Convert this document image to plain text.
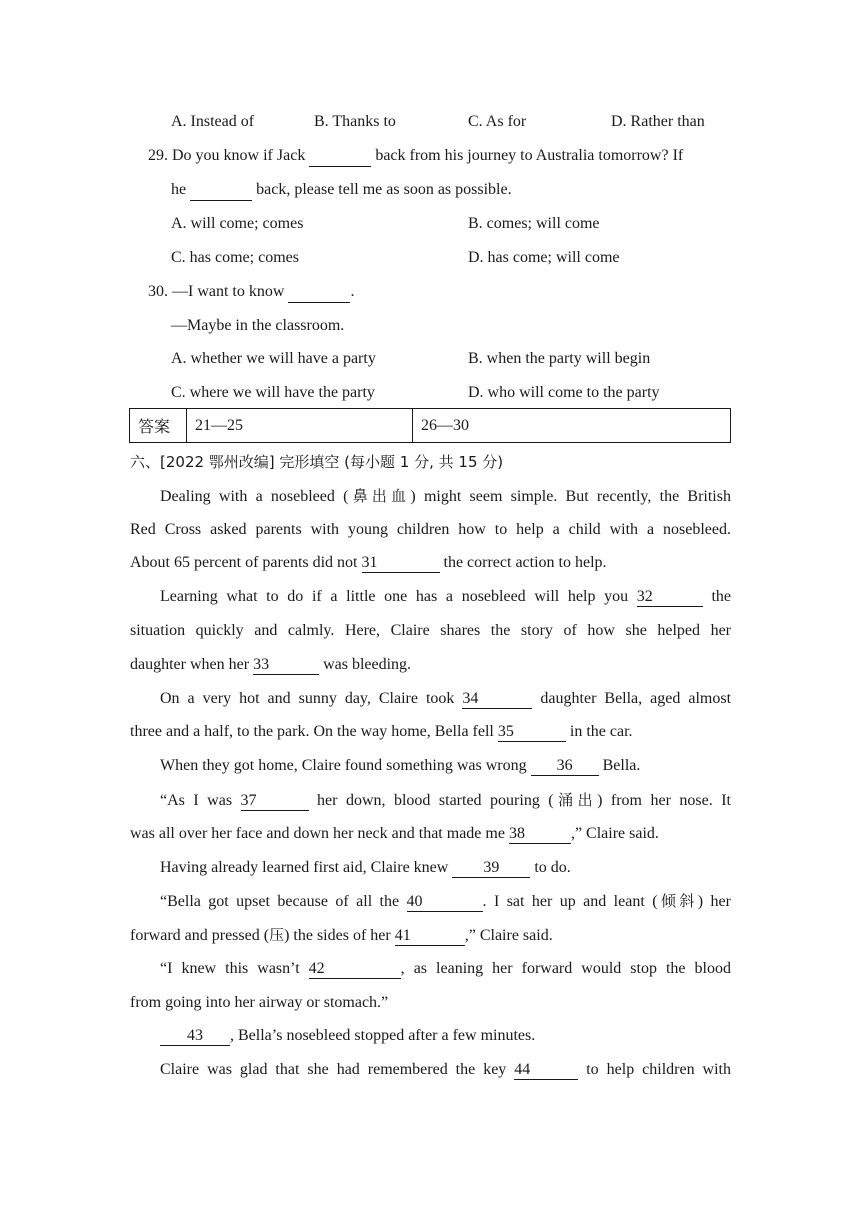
A. Instead of	B. Thanks to	C. As for	D. Rather than
29. Do you know if Jack	back from his journey to Australia tomorrow? If
he	back, please tell me as soon as possible.
A. will come; comes	B. comes; will come
C. has come; comes	D. has come; will come
30. —I want to know	.
—Maybe in the classroom.
A. whether we will have a party	B. when the party will begin
C. where we will have the party	D. who will come to the party
答案	21—25	26—30
六、[2022 鄂州改编] 完形填空 (每小题 1 分, 共 15 分)
Dealing with a nosebleed (鼻出血) might seem simple. But recently, the British
Red Cross asked parents with young children how to help a child with a nosebleed.
About 65 percent of parents did not 31	the correct action to help.
Learning what to do if a little one has a nosebleed will help you 32	the
situation quickly and calmly. Here, Claire shares the story of how she helped her
daughter when her 33	was bleeding.
On a very hot and sunny day, Claire took 34	daughter Bella, aged almost
three and a half, to the park. On the way home, Bella fell 35	in the car.
When they got home, Claire found something was wrong 36 Bella.
“As I was 37	her down, blood started pouring (涌出) from her nose. It
was all over her face and down her neck and that made me 38	,” Claire said.
Having already learned first aid, Claire knew 39 to do.
“Bella got upset because of all the 40	. I sat her up and leant (倾斜) her
forward and pressed (压) the sides of her 41	,” Claire said.
“I knew this wasn’t 42	, as leaning her forward would stop the blood
from going into her airway or stomach.”
43 , Bella’s nosebleed stopped after a few minutes.
Claire was glad that she had remembered the key 44	to help children with
